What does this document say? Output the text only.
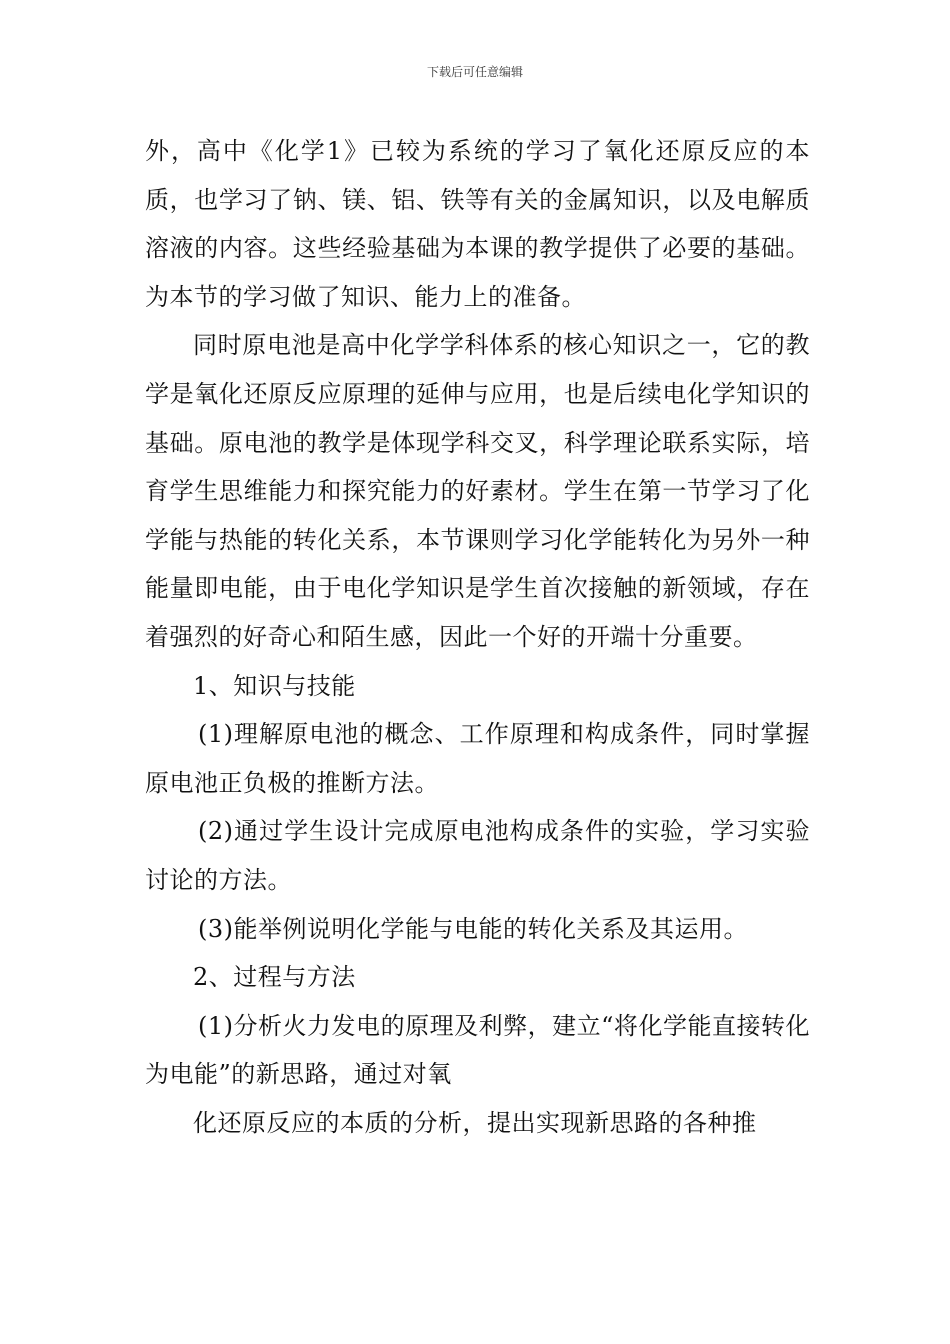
下载后可任意编辑

外，高中《化学1》已较为系统的学习了氧化还原反应的本质，也学习了钠、镁、铝、铁等有关的金属知识，以及电解质溶液的内容。这些经验基础为本课的教学提供了必要的基础。为本节的学习做了知识、能力上的准备。

同时原电池是高中化学学科体系的核心知识之一，它的教学是氧化还原反应原理的延伸与应用，也是后续电化学知识的基础。原电池的教学是体现学科交叉，科学理论联系实际，培育学生思维能力和探究能力的好素材。学生在第一节学习了化学能与热能的转化关系，本节课则学习化学能转化为另外一种能量即电能，由于电化学知识是学生首次接触的新领域，存在着强烈的好奇心和陌生感，因此一个好的开端十分重要。

1、知识与技能

(1)理解原电池的概念、工作原理和构成条件，同时掌握原电池正负极的推断方法。

(2)通过学生设计完成原电池构成条件的实验，学习实验讨论的方法。

(3)能举例说明化学能与电能的转化关系及其运用。

2、过程与方法

(1)分析火力发电的原理及利弊，建立“将化学能直接转化为电能”的新思路，通过对氧

化还原反应的本质的分析，提出实现新思路的各种推
